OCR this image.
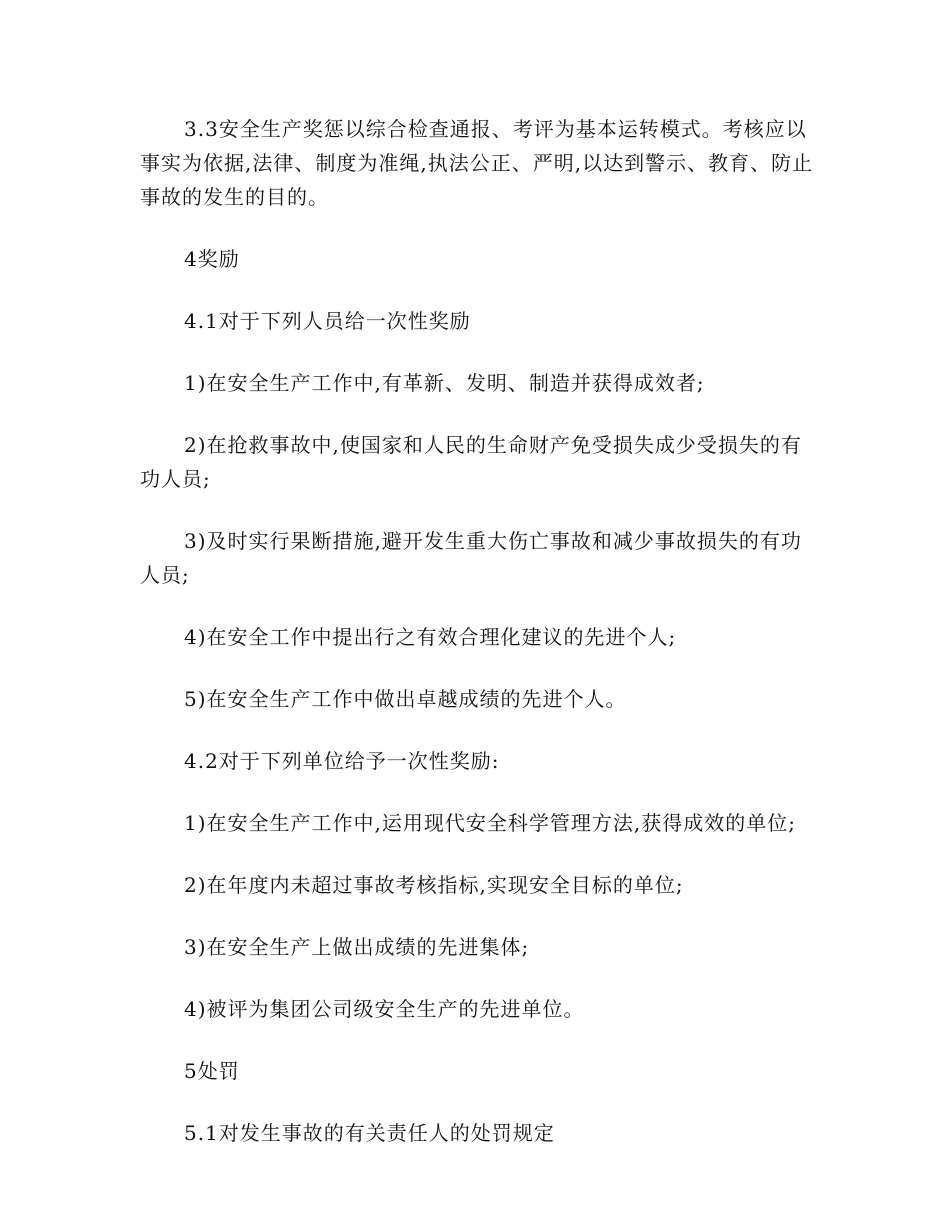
3.3安全生产奖惩以综合检查通报、考评为基本运转模式。考核应以事实为依据,法律、制度为准绳,执法公正、严明,以达到警示、教育、防止事故的发生的目的。

4奖励

4.1对于下列人员给一次性奖励

1)在安全生产工作中,有革新、发明、制造并获得成效者;

2)在抢救事故中,使国家和人民的生命财产免受损失成少受损失的有功人员;

3)及时实行果断措施,避开发生重大伤亡事故和减少事故损失的有功人员;

4)在安全工作中提出行之有效合理化建议的先进个人;

5)在安全生产工作中做出卓越成绩的先进个人。

4.2对于下列单位给予一次性奖励:

1)在安全生产工作中,运用现代安全科学管理方法,获得成效的单位;

2)在年度内未超过事故考核指标,实现安全目标的单位;

3)在安全生产上做出成绩的先进集体;

4)被评为集团公司级安全生产的先进单位。

5处罚

5.1对发生事故的有关责任人的处罚规定
